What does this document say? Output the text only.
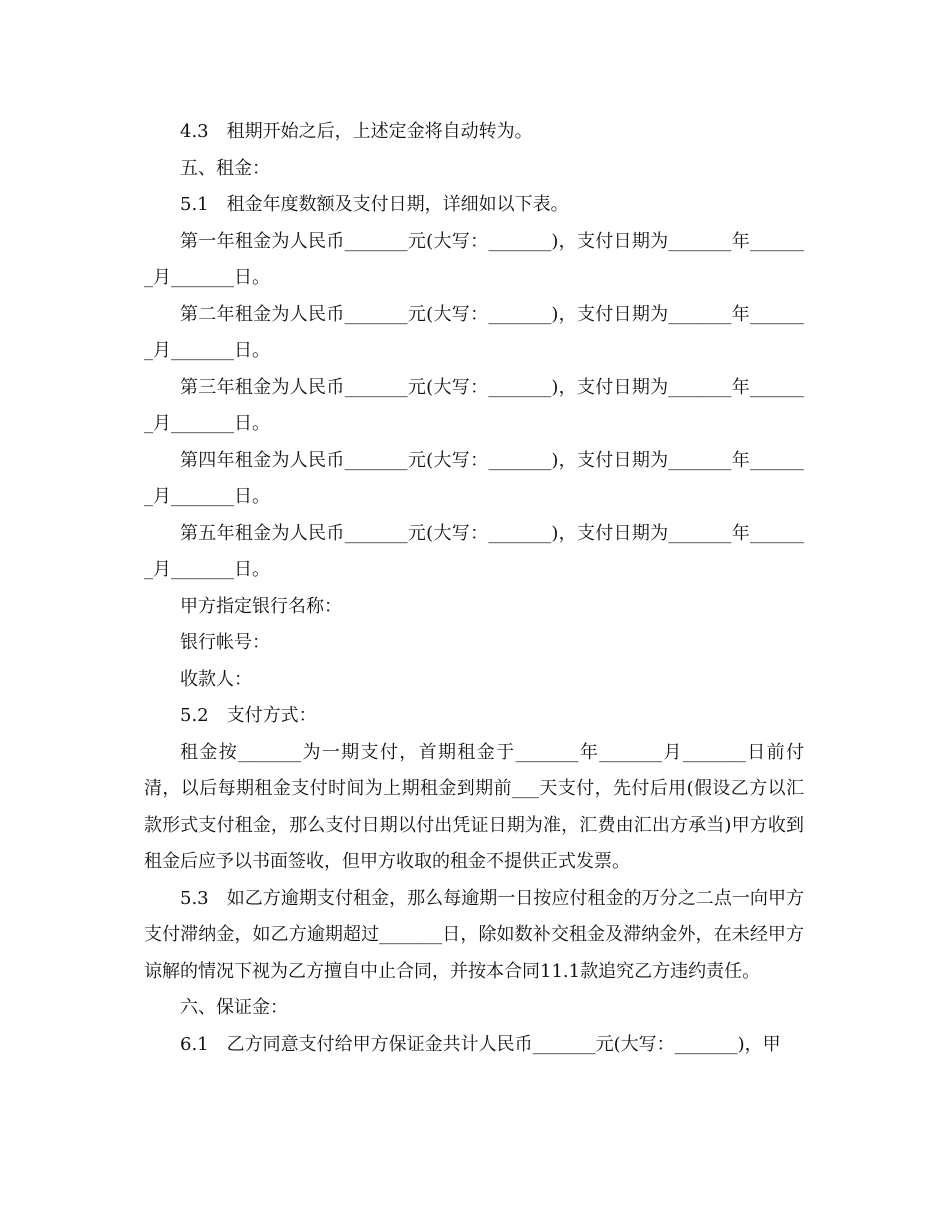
4.3　租期开始之后，上述定金将自动转为。

五、租金：

5.1　租金年度数额及支付日期，详细如以下表。

第一年租金为人民币_______元(大写：_______)，支付日期为_______年_______月_______日。

第二年租金为人民币_______元(大写：_______)，支付日期为_______年_______月_______日。

第三年租金为人民币_______元(大写：_______)，支付日期为_______年_______月_______日。

第四年租金为人民币_______元(大写：_______)，支付日期为_______年_______月_______日。

第五年租金为人民币_______元(大写：_______)，支付日期为_______年_______月_______日。

甲方指定银行名称：

银行帐号：

收款人：

5.2　支付方式：

租金按_______为一期支付，首期租金于_______年_______月_______日前付清，以后每期租金支付时间为上期租金到期前___天支付，先付后用(假设乙方以汇款形式支付租金，那么支付日期以付出凭证日期为准，汇费由汇出方承当)甲方收到租金后应予以书面签收，但甲方收取的租金不提供正式发票。

5.3　如乙方逾期支付租金，那么每逾期一日按应付租金的万分之二点一向甲方支付滞纳金，如乙方逾期超过_______日，除如数补交租金及滞纳金外，在未经甲方谅解的情况下视为乙方擅自中止合同，并按本合同11.1款追究乙方违约责任。

六、保证金：

6.1　乙方同意支付给甲方保证金共计人民币_______元(大写：_______)，甲
